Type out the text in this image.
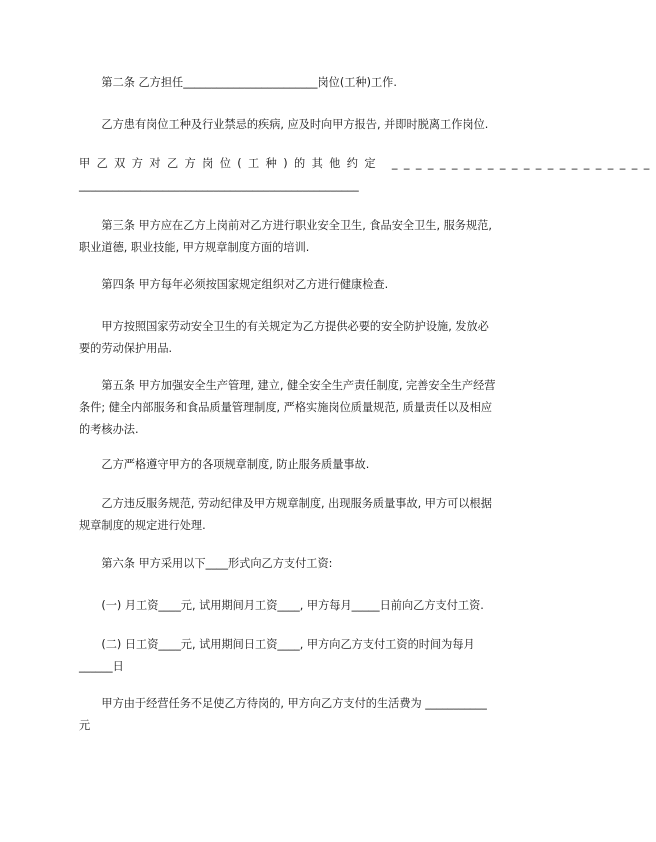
　　第二条 乙方担任________________________岗位(工种)工作.

　　乙方患有岗位工种及行业禁忌的疾病, 应及时向甲方报告, 并即时脱离工作岗位.

甲乙双方对乙方岗位(工种)的其他约定 ______________________
__________________________________________________

　　第三条 甲方应在乙方上岗前对乙方进行职业安全卫生, 食品安全卫生, 服务规范,
职业道德, 职业技能, 甲方规章制度方面的培训.

　　第四条 甲方每年必须按国家规定组织对乙方进行健康检查.

　　甲方按照国家劳动安全卫生的有关规定为乙方提供必要的安全防护设施, 发放必
要的劳动保护用品.

　　第五条 甲方加强安全生产管理, 建立, 健全安全生产责任制度, 完善安全生产经营
条件; 健全内部服务和食品质量管理制度, 严格实施岗位质量规范, 质量责任以及相应
的考核办法.

　　乙方严格遵守甲方的各项规章制度, 防止服务质量事故.

　　乙方违反服务规范, 劳动纪律及甲方规章制度, 出现服务质量事故, 甲方可以根据
规章制度的规定进行处理.

　　第六条 甲方采用以下____形式向乙方支付工资:

　　(一) 月工资____元, 试用期间月工资____, 甲方每月_____日前向乙方支付工资.

　　(二) 日工资____元, 试用期间日工资____, 甲方向乙方支付工资的时间为每月
______日

　　甲方由于经营任务不足使乙方待岗的, 甲方向乙方支付的生活费为 ___________
元
